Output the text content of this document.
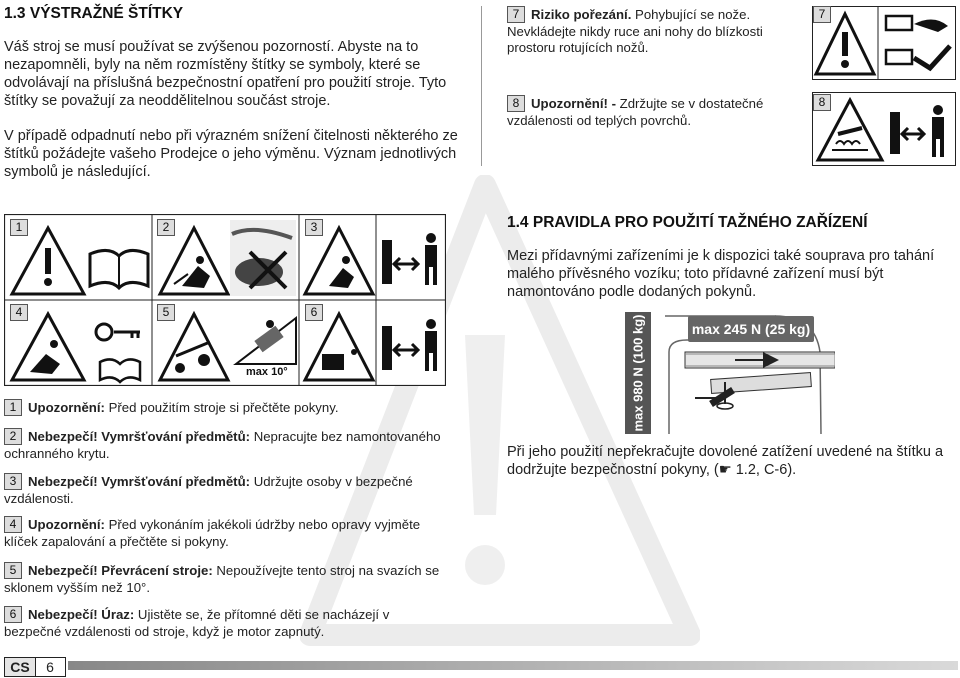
1.3 VÝSTRAŽNÉ ŠTÍTKY
Váš stroj se musí používat se zvýšenou pozorností. Abyste na to nezapomněli, byly na něm rozmístěny štítky se symboly, které se odvolávají na příslušná bezpečnostní opatření pro použití stroje. Tyto štítky se považují za neoddělitelnou součást stroje.
V případě odpadnutí nebo při výrazném snížení čitelnosti některého ze štítků požádejte vašeho Prodejce o jeho výměnu. Význam jednotlivých symbolů je následující.
max 10°
1	2	3
4	5	6
1 Upozornění: Před použitím stroje si přečtěte pokyny.
2 Nebezpečí! Vymršťování předmětů: Nepracujte bez namontovaného ochranného krytu.
3 Nebezpečí! Vymršťování předmětů: Udržujte osoby v bezpečné vzdálenosti.
4 Upozornění: Před vykonáním jakékoli údržby nebo opravy vyjměte klíček zapalování a přečtěte si pokyny.
5 Nebezpečí! Převrácení stroje: Nepoužívejte tento stroj na svazích se sklonem vyšším než 10°.
6 Nebezpečí! Úraz: Ujistěte se, že přítomné děti se nacházejí v bezpečné vzdálenosti od stroje, když je motor zapnutý.
7 Riziko pořezání. Pohybující se nože. Nevkládejte nikdy ruce ani nohy do blízkosti prostoru rotujících nožů.
8 Upozornění! - Zdržujte se v dostatečné vzdálenosti od teplých povrchů.
7
8
1.4 PRAVIDLA PRO POUŽITÍ TAŽNÉHO ZAŘÍZENÍ
Mezi přídavnými zařízeními je k dispozici také souprava pro tahání malého přívěsného vozíku; toto přídavné zařízení musí být namontováno podle dodaných pokynů.
max 245 N (25 kg)
max 980 N (100 kg)
Při jeho použití nepřekračujte dovolené zatížení uvedené na štítku a dodržujte bezpečnostní pokyny, (☛ 1.2, C-6).
CS	6
